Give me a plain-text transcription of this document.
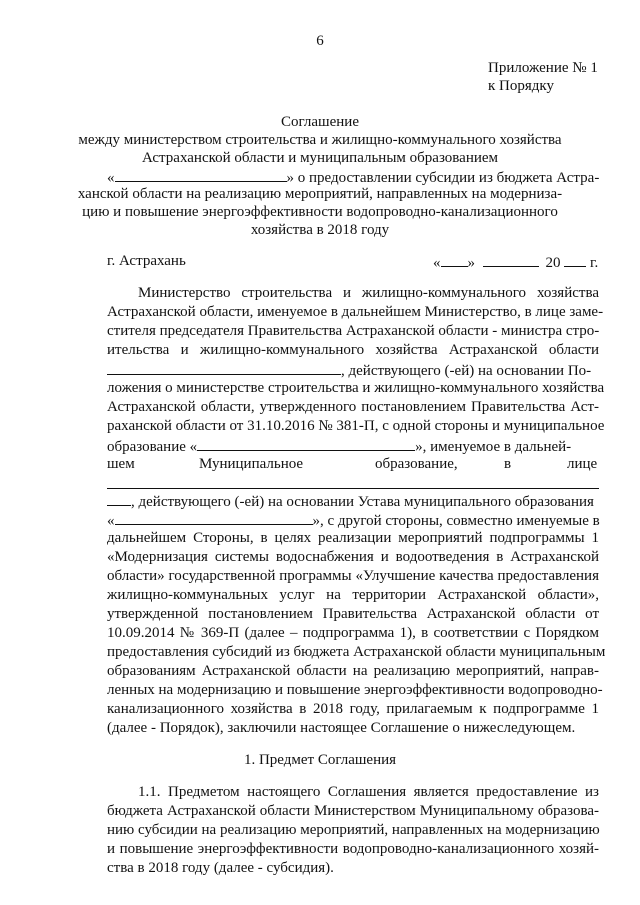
6
Приложение № 1
к Порядку
Соглашение
между министерством строительства и жилищно-коммунального хозяйства
Астраханской области и муниципальным образованием
«	» о предоставлении субсидии из бюджета Астра-
ханской области на реализацию мероприятий, направленных на модерниза-
цию и повышение энергоэффективности водопроводно-канализационного
хозяйства в 2018 году
г. Астрахань	« »	20 г.
Министерство строительства и жилищно-коммунального хозяйства
Астраханской области, именуемое в дальнейшем Министерство, в лице заме-
стителя председателя Правительства Астраханской области - министра стро-
ительства и жилищно-коммунального хозяйства Астраханской области
, действующего (-ей) на основании По-
ложения о министерстве строительства и жилищно-коммунального хозяйства
Астраханской области, утвержденного постановлением Правительства Аст-
раханской области от 31.10.2016 № 381-П, с одной стороны и муниципальное
образование «	», именуемое в дальней-
шем	Муниципальное	образование,	в	лице
, действующего (-ей) на основании Устава муниципального образования
«	», с другой стороны, совместно именуемые в
дальнейшем Стороны, в целях реализации мероприятий подпрограммы 1
«Модернизация системы водоснабжения и водоотведения в Астраханской
области» государственной программы «Улучшение качества предоставления
жилищно-коммунальных услуг на территории Астраханской области»,
утвержденной постановлением Правительства Астраханской области от
10.09.2014 № 369-П (далее – подпрограмма 1), в соответствии с Порядком
предоставления субсидий из бюджета Астраханской области муниципальным
образованиям Астраханской области на реализацию мероприятий, направ-
ленных на модернизацию и повышение энергоэффективности водопроводно-
канализационного хозяйства в 2018 году, прилагаемым к подпрограмме 1
(далее - Порядок), заключили настоящее Соглашение о нижеследующем.
1. Предмет Соглашения
1.1. Предметом настоящего Соглашения является предоставление из
бюджета Астраханской области Министерством Муниципальному образова-
нию субсидии на реализацию мероприятий, направленных на модернизацию
и повышение энергоэффективности водопроводно-канализационного хозяй-
ства в 2018 году (далее - субсидия).
